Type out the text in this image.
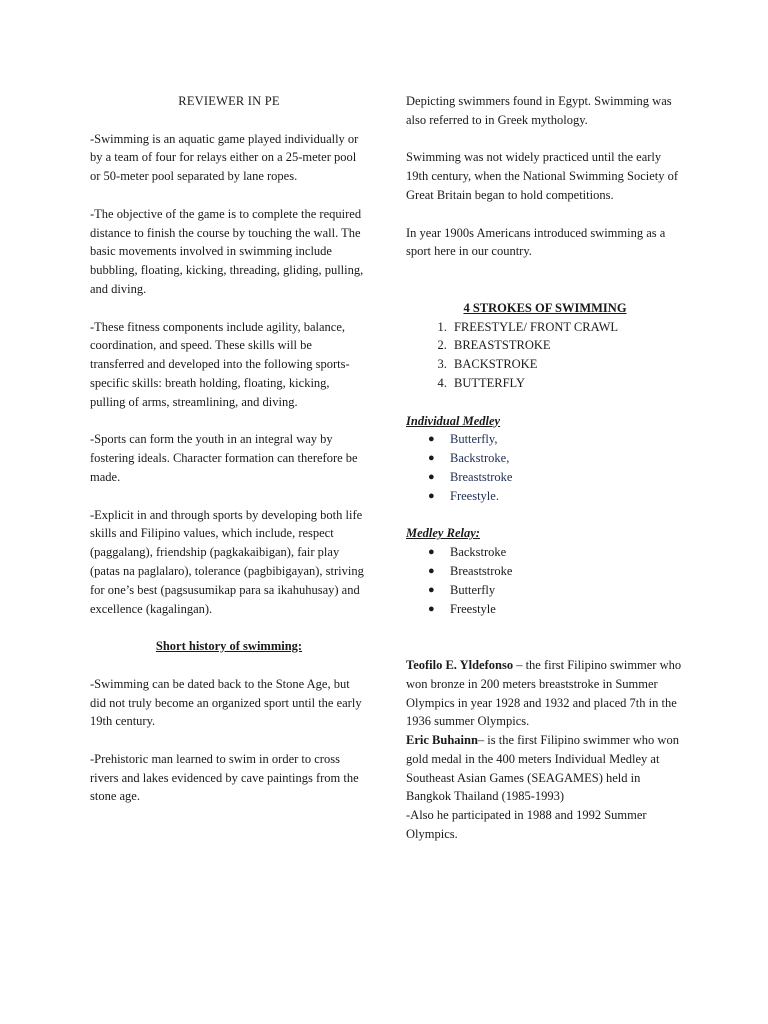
REVIEWER IN PE

-Swimming is an aquatic game played individually or by a team of four for relays either on a 25-meter pool or 50-meter pool separated by lane ropes.

-The objective of the game is to complete the required distance to finish the course by touching the wall. The basic movements involved in swimming include bubbling, floating, kicking, threading, gliding, pulling, and diving.

-These fitness components include agility, balance, coordination, and speed. These skills will be transferred and developed into the following sports-specific skills: breath holding, floating, kicking, pulling of arms, streamlining, and diving.

-Sports can form the youth in an integral way by fostering ideals. Character formation can therefore be made.

-Explicit in and through sports by developing both life skills and Filipino values, which include, respect (paggalang), friendship (pagkakaibigan), fair play (patas na paglalaro), tolerance (pagbibigayan), striving for one’s best (pagsusumikap para sa ikahuhusay) and excellence (kagalingan).

Short history of swimming:

-Swimming can be dated back to the Stone Age, but did not truly become an organized sport until the early 19th century.

-Prehistoric man learned to swim in order to cross rivers and lakes evidenced by cave paintings from the stone age.

Depicting swimmers found in Egypt. Swimming was also referred to in Greek mythology.

Swimming was not widely practiced until the early 19th century, when the National Swimming Society of Great Britain began to hold competitions.

In year 1900s Americans introduced swimming as a sport here in our country.

4 STROKES OF SWIMMING

1. FREESTYLE/ FRONT CRAWL
2. BREASTSTROKE
3. BACKSTROKE
4. BUTTERFLY

Individual Medley

● Butterfly,
● Backstroke,
● Breaststroke
● Freestyle.

Medley Relay:

● Backstroke
● Breaststroke
● Butterfly
● Freestyle

Teofilo E. Yldefonso – the first Filipino swimmer who won bronze in 200 meters breaststroke in Summer Olympics in year 1928 and 1932 and placed 7th in the 1936 summer Olympics.

Eric Buhainn– is the first Filipino swimmer who won gold medal in the 400 meters Individual Medley at Southeast Asian Games (SEAGAMES) held in Bangkok Thailand (1985-1993)

-Also he participated in 1988 and 1992 Summer Olympics.
